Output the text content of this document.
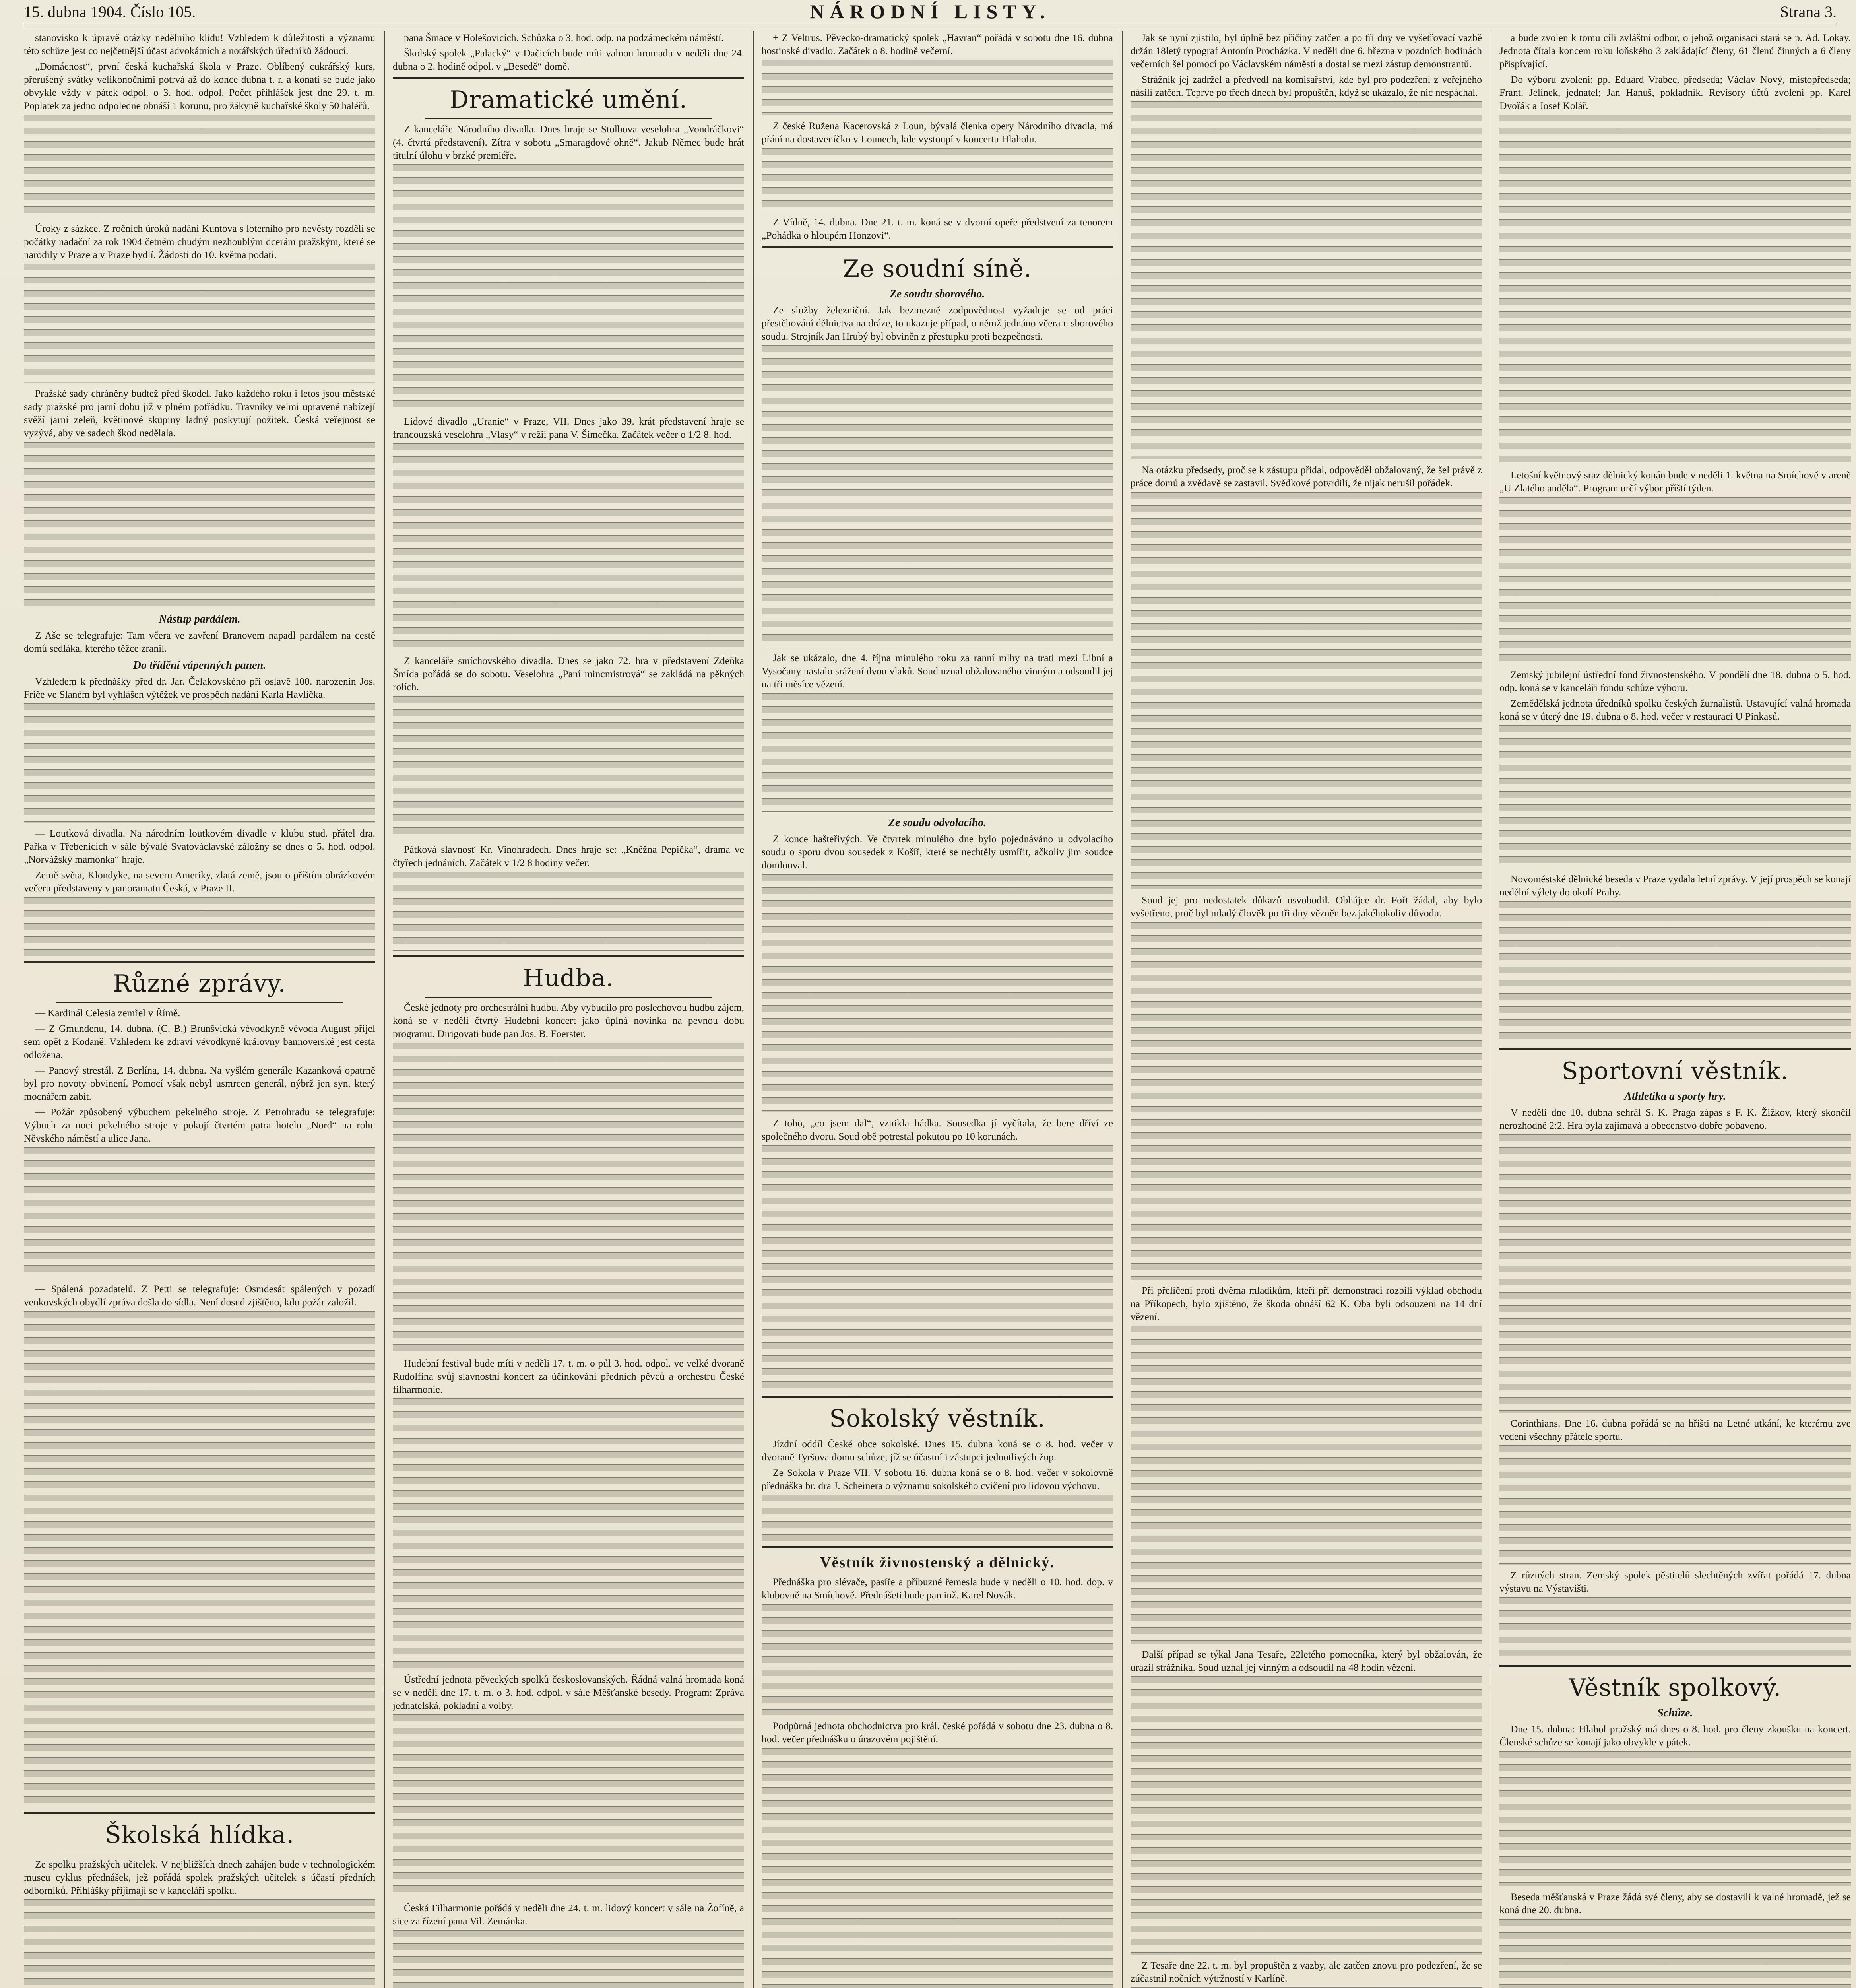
15. dubna 1904. Číslo 105.	NÁRODNÍ LISTY.	Strana 3.

stanovisko k úpravě otázky nedělního klidu! Vzhledem k důležitosti a významu této schůze jest co nejčetnější účast advokátních a notářských úředníků žádoucí.

„Domácnost“, první česká kuchařská škola v Praze. Oblíbený cukrářský kurs, přerušený svátky velikonočními potrvá až do konce dubna t. r. a konati se bude jako obvykle vždy v pátek odpol. o 3. hod. odpol. Počet přihlášek jest dne 29. t. m. Poplatek za jedno odpoledne obnáší 1 korunu, pro žákyně kuchařské školy 50 haléřů.

Úroky z sázkce. Z ročních úroků nadání Kuntova s loterního pro nevěsty rozdělí se počátky nadační za rok 1904 četném chudým nezhoublým dcerám pražským, které se narodily v Praze a v Praze bydlí. Žádosti do 10. května podati.

Pražské sady chráněny budtež před škodel. Jako každého roku i letos jsou městské sady pražské pro jarní dobu již v plném potřádku. Travníky velmi upravené nabízejí svěží jarní zeleň, květinové skupiny ladný poskytují požitek. Česká veřejnost se vyzývá, aby ve sadech škod nedělala.

Nástup pardálem.

Z Aše se telegrafuje: Tam včera ve zavření Branovem napadl pardálem na cestě domů sedláka, kterého těžce zranil.

Do třídění vápenných panen.

Vzhledem k přednášky před dr. Jar. Čelakovského při oslavě 100. narozenin Jos. Friče ve Slaném byl vyhlášen výtěžek ve prospěch nadání Karla Havlíčka.

— Loutková divadla. Na národním loutkovém divadle v klubu stud. přátel dra. Pařka v Třebenicích v sále bývalé Svatováclavské záložny se dnes o 5. hod. odpol. „Norvážský mamonka“ hraje.

Země světa, Klondyke, na severu Ameriky, zlatá země, jsou o příštím obrázkovém večeru představeny v panoramatu Česká, v Praze II.

Různé zprávy.

— Kardinál Celesia zemřel v Římě.

— Z Gmundenu, 14. dubna. (C. B.) Brunšvická vévodkyně vévoda August přijel sem opět z Kodaně. Vzhledem ke zdraví vévodkyně královny bannoverské jest cesta odložena.

— Panový strestál. Z Berlína, 14. dubna. Na vyšlém generále Kazanková opatrně byl pro novoty obvinení. Pomocí však nebyl usmrcen generál, nýbrž jen syn, který mocnářem zabit.

— Požár způsobený výbuchem pekelného stroje. Z Petrohradu se telegrafuje: Výbuch za noci pekelného stroje v pokojí čtvrtém patra hotelu „Nord“ na rohu Něvského náměstí a ulice Jana.

— Spálená pozadatelů. Z Petti se telegrafuje: Osmdesát spálených v pozadí venkovských obydlí zpráva došla do sídla. Není dosud zjištěno, kdo požár založil.

Školská hlídka.

Ze spolku pražských učitelek. V nejbližších dnech zahájen bude v technologickém museu cyklus přednášek, jež pořádá spolek pražských učitelek s účastí předních odborníků. Přihlášky přijímají se v kanceláři spolku.

pana Šmace v Holešovicích. Schůzka o 3. hod. odp. na podzámeckém náměstí.

Školský spolek „Palacký“ v Dačicích bude míti valnou hromadu v neděli dne 24. dubna o 2. hodině odpol. v „Besedě“ domě.

Dramatické umění.

Z kanceláře Národního divadla. Dnes hraje se Stolbova veselohra „Vondráčkovi“ (4. čtvrtá představení). Zítra v sobotu „Smaragdové ohně“. Jakub Němec bude hrát titulní úlohu v brzké premiéře.

Lidové divadlo „Uranie“ v Praze, VII. Dnes jako 39. krát představení hraje se francouzská veselohra „Vlasy“ v režii pana V. Šimečka. Začátek večer o 1/2 8. hod.

Z kanceláře smíchovského divadla. Dnes se jako 72. hra v představení Zdeňka Šmída pořádá se do sobotu. Veselohra „Paní mincmistrová“ se zakládá na pěkných rolích.

Pátková slavnosť Kr. Vinohradech. Dnes hraje se: „Kněžna Pepička“, drama ve čtyřech jednáních. Začátek v 1/2 8 hodiny večer.

Hudba.

České jednoty pro orchestrální hudbu. Aby vybudilo pro poslechovou hudbu zájem, koná se v neděli čtvrtý Hudební koncert jako úplná novinka na pevnou dobu programu. Dirigovati bude pan Jos. B. Foerster.

Hudební festival bude míti v neděli 17. t. m. o půl 3. hod. odpol. ve velké dvoraně Rudolfina svůj slavnostní koncert za účinkování předních pěvců a orchestru České filharmonie.

Ústřední jednota pěveckých spolků českoslovanských. Řádná valná hromada koná se v neděli dne 17. t. m. o 3. hod. odpol. v sále Měšťanské besedy. Program: Zpráva jednatelská, pokladní a volby.

Česká Filharmonie pořádá v neděli dne 24. t. m. lidový koncert v sále na Žofíně, a sice za řízení pana Vil. Zemánka.

+ Z Veltrus. Pěvecko-dramatický spolek „Havran“ pořádá v sobotu dne 16. dubna hostinské divadlo. Začátek o 8. hodině večerní.

Z české Ružena Kacerovská z Loun, bývalá členka opery Národního divadla, má přání na dostaveníčko v Lounech, kde vystoupí v koncertu Hlaholu.

Z Vídně, 14. dubna. Dne 21. t. m. koná se v dvorní opeře předstvení za tenorem „Pohádka o hloupém Honzovi“.

Ze soudní síně.
Ze soudu sborového.

Ze služby železniční. Jak bezmezně zodpovědnost vyžaduje se od práci přestěhování dělnictva na dráze, to ukazuje případ, o němž jednáno včera u sborového soudu. Strojník Jan Hrubý byl obviněn z přestupku proti bezpečnosti.

Jak se ukázalo, dne 4. října minulého roku za ranní mlhy na trati mezi Libní a Vysočany nastalo srážení dvou vlaků. Soud uznal obžalovaného vinným a odsoudil jej na tři měsíce vězení.

Ze soudu odvolacího.

Z konce hašteřivých. Ve čtvrtek minulého dne bylo pojednáváno u odvolacího soudu o sporu dvou sousedek z Košíř, které se nechtěly usmířit, ačkoliv jim soudce domlouval.

Z toho, „co jsem dal“, vznikla hádka. Sousedka jí vyčítala, že bere dříví ze společného dvoru. Soud obě potrestal pokutou po 10 korunách.

Sokolský věstník.

Jízdní oddíl České obce sokolské. Dnes 15. dubna koná se o 8. hod. večer v dvoraně Tyršova domu schůze, jíž se účastní i zástupci jednotlivých žup.

Ze Sokola v Praze VII. V sobotu 16. dubna koná se o 8. hod. večer v sokolovně přednáška br. dra J. Scheinera o významu sokolského cvičení pro lidovou výchovu.

Věstník živnostenský a dělnický.

Přednáška pro slévače, pasíře a příbuzné řemesla bude v neděli o 10. hod. dop. v klubovně na Smíchově. Přednášeti bude pan inž. Karel Novák.

Podpůrná jednota obchodnictva pro král. české pořádá v sobotu dne 23. dubna o 8. hod. večer přednášku o úrazovém pojištění.

Jak se nyní zjistilo, byl úplně bez příčiny zatčen a po tři dny ve vyšetřovací vazbě držán 18letý typograf Antonín Procházka. V neděli dne 6. března v pozdních hodinách večerních šel pomocí po Václavském náměstí a dostal se mezi zástup demonstrantů.

Strážník jej zadržel a předvedl na komisařství, kde byl pro podezření z veřejného násilí zatčen. Teprve po třech dnech byl propuštěn, když se ukázalo, že nic nespáchal.

Na otázku předsedy, proč se k zástupu přidal, odpověděl obžalovaný, že šel právě z práce domů a zvědavě se zastavil. Svědkové potvrdili, že nijak nerušil pořádek.

Soud jej pro nedostatek důkazů osvobodil. Obhájce dr. Fořt žádal, aby bylo vyšetřeno, proč byl mladý člověk po tři dny vězněn bez jakéhokoliv důvodu.

Při přelíčení proti dvěma mladíkům, kteří při demonstraci rozbili výklad obchodu na Příkopech, bylo zjištěno, že škoda obnáší 62 K. Oba byli odsouzeni na 14 dní vězení.

Další případ se týkal Jana Tesaře, 22letého pomocníka, který byl obžalován, že urazil strážníka. Soud uznal jej vinným a odsoudil na 48 hodin vězení.

Z Tesaře dne 22. t. m. byl propuštěn z vazby, ale zatčen znovu pro podezření, že se zúčastnil nočních výtržností v Karlíně.

a bude zvolen k tomu cíli zvláštní odbor, o jehož organisaci stará se p. Ad. Lokay. Jednota čítala koncem roku loňského 3 zakládající členy, 61 členů činných a 6 členy přispívající.

Do výboru zvoleni: pp. Eduard Vrabec, předseda; Václav Nový, místopředseda; Frant. Jelínek, jednatel; Jan Hanuš, pokladník. Revisory účtů zvoleni pp. Karel Dvořák a Josef Kolář.

Letošní květnový sraz dělnický konán bude v neděli 1. května na Smíchově v areně „U Zlatého anděla“. Program určí výbor příští týden.

Zemský jubilejní ústřední fond živnostenského. V pondělí dne 18. dubna o 5. hod. odp. koná se v kanceláři fondu schůze výboru.

Zemědělská jednota úředníků spolku českých žurnalistů. Ustavující valná hromada koná se v úterý dne 19. dubna o 8. hod. večer v restauraci U Pinkasů.

Novoměstské dělnické beseda v Praze vydala letní zprávy. V její prospěch se konají nedělní výlety do okolí Prahy.

Sportovní věstník.
Athletika a sporty hry.

V neděli dne 10. dubna sehrál S. K. Praga zápas s F. K. Žižkov, který skončil nerozhodně 2:2. Hra byla zajímavá a obecenstvo dobře pobaveno.

Corinthians. Dne 16. dubna pořádá se na hřišti na Letné utkání, ke kterému zve vedení všechny přátele sportu.

Z různých stran. Zemský spolek pěstitelů slechtěných zvířat pořádá 17. dubna výstavu na Výstavišti.

Věstník spolkový.
Schůze.

Dne 15. dubna: Hlahol pražský má dnes o 8. hod. pro členy zkoušku na koncert. Členské schůze se konají jako obvykle v pátek.

Beseda měšťanská v Praze žádá své členy, aby se dostavili k valné hromadě, jež se koná dne 20. dubna.
